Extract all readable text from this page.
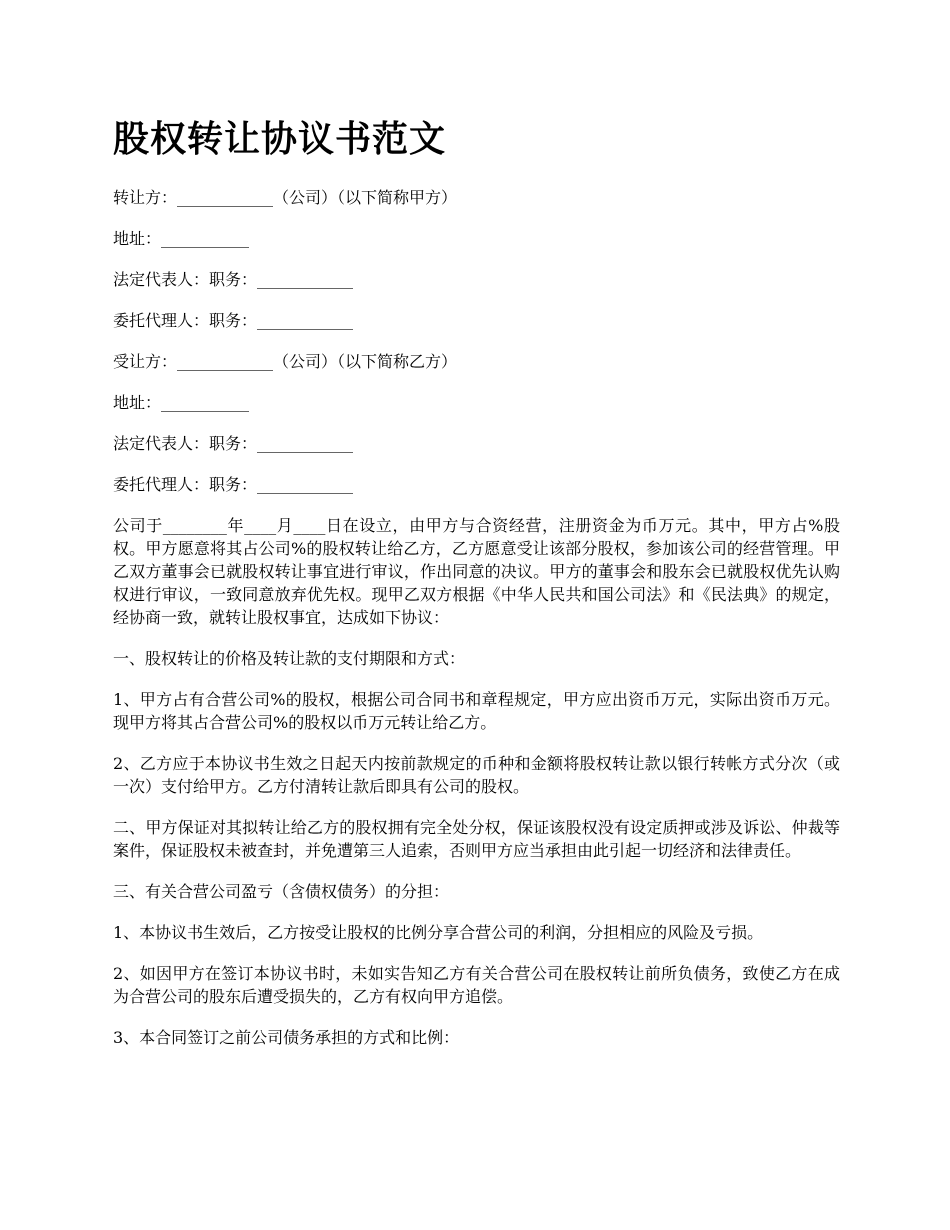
股权转让协议书范文

转让方：____________（公司）（以下简称甲方）

地址：___________

法定代表人：职务：____________

委托代理人：职务：____________

受让方：____________（公司）（以下简称乙方）

地址：___________

法定代表人：职务：____________

委托代理人：职务：____________

公司于________年____月____日在设立，由甲方与合资经营，注册资金为币万元。其中，甲方占%股权。甲方愿意将其占公司%的股权转让给乙方，乙方愿意受让该部分股权，参加该公司的经营管理。甲乙双方董事会已就股权转让事宜进行审议，作出同意的决议。甲方的董事会和股东会已就股权优先认购权进行审议，一致同意放弃优先权。现甲乙双方根据《中华人民共和国公司法》和《民法典》的规定，经协商一致，就转让股权事宜，达成如下协议：

一、股权转让的价格及转让款的支付期限和方式：

1、甲方占有合营公司%的股权，根据公司合同书和章程规定，甲方应出资币万元，实际出资币万元。现甲方将其占合营公司%的股权以币万元转让给乙方。

2、乙方应于本协议书生效之日起天内按前款规定的币种和金额将股权转让款以银行转帐方式分次（或一次）支付给甲方。乙方付清转让款后即具有公司的股权。

二、甲方保证对其拟转让给乙方的股权拥有完全处分权，保证该股权没有设定质押或涉及诉讼、仲裁等案件，保证股权未被查封，并免遭第三人追索，否则甲方应当承担由此引起一切经济和法律责任。

三、有关合营公司盈亏（含债权债务）的分担：

1、本协议书生效后，乙方按受让股权的比例分享合营公司的利润，分担相应的风险及亏损。

2、如因甲方在签订本协议书时，未如实告知乙方有关合营公司在股权转让前所负债务，致使乙方在成为合营公司的股东后遭受损失的，乙方有权向甲方追偿。

3、本合同签订之前公司债务承担的方式和比例：
